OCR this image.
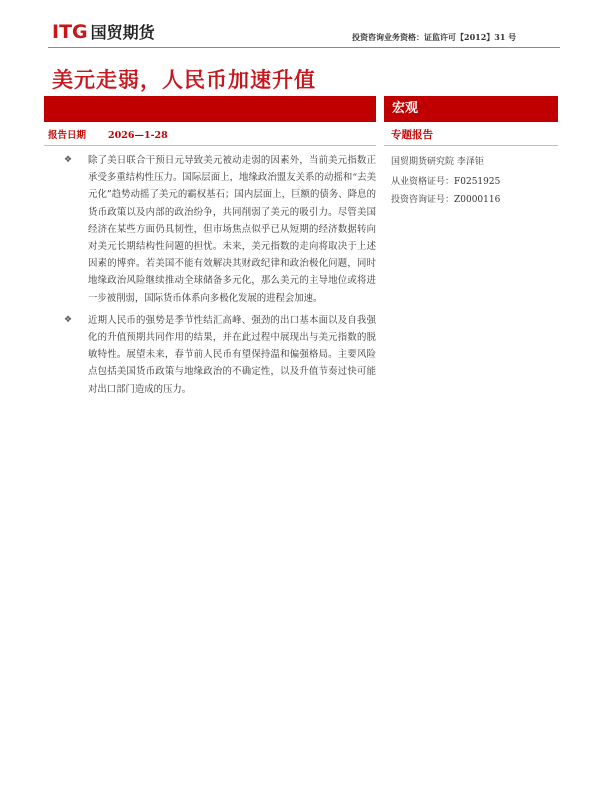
ITG 国贸期货	投资咨询业务资格：证监许可【2012】31 号
美元走弱，人民币加速升值
宏观
报告日期 2026—1-28	专题报告
国贸期货研究院 李泽钜
从业资格证号：F0251925
投资咨询证号：Z0000116

❖ 除了美日联合干预日元导致美元被动走弱的因素外，当前美元指数正承受多重结构性压力。国际层面上，地缘政治盟友关系的动摇和“去美元化”趋势动摇了美元的霸权基石；国内层面上，巨额的债务、降息的货币政策以及内部的政治纷争，共同削弱了美元的吸引力。尽管美国经济在某些方面仍具韧性，但市场焦点似乎已从短期的经济数据转向对美元长期结构性问题的担忧。未来，美元指数的走向将取决于上述因素的博弈。若美国不能有效解决其财政纪律和政治极化问题，同时地缘政治风险继续推动全球储备多元化，那么美元的主导地位或将进一步被削弱，国际货币体系向多极化发展的进程会加速。

❖ 近期人民币的强势是季节性结汇高峰、强劲的出口基本面以及自我强化的升值预期共同作用的结果，并在此过程中展现出与美元指数的脱敏特性。展望未来，春节前人民币有望保持温和偏强格局。主要风险点包括美国货币政策与地缘政治的不确定性，以及升值节奏过快可能对出口部门造成的压力。
